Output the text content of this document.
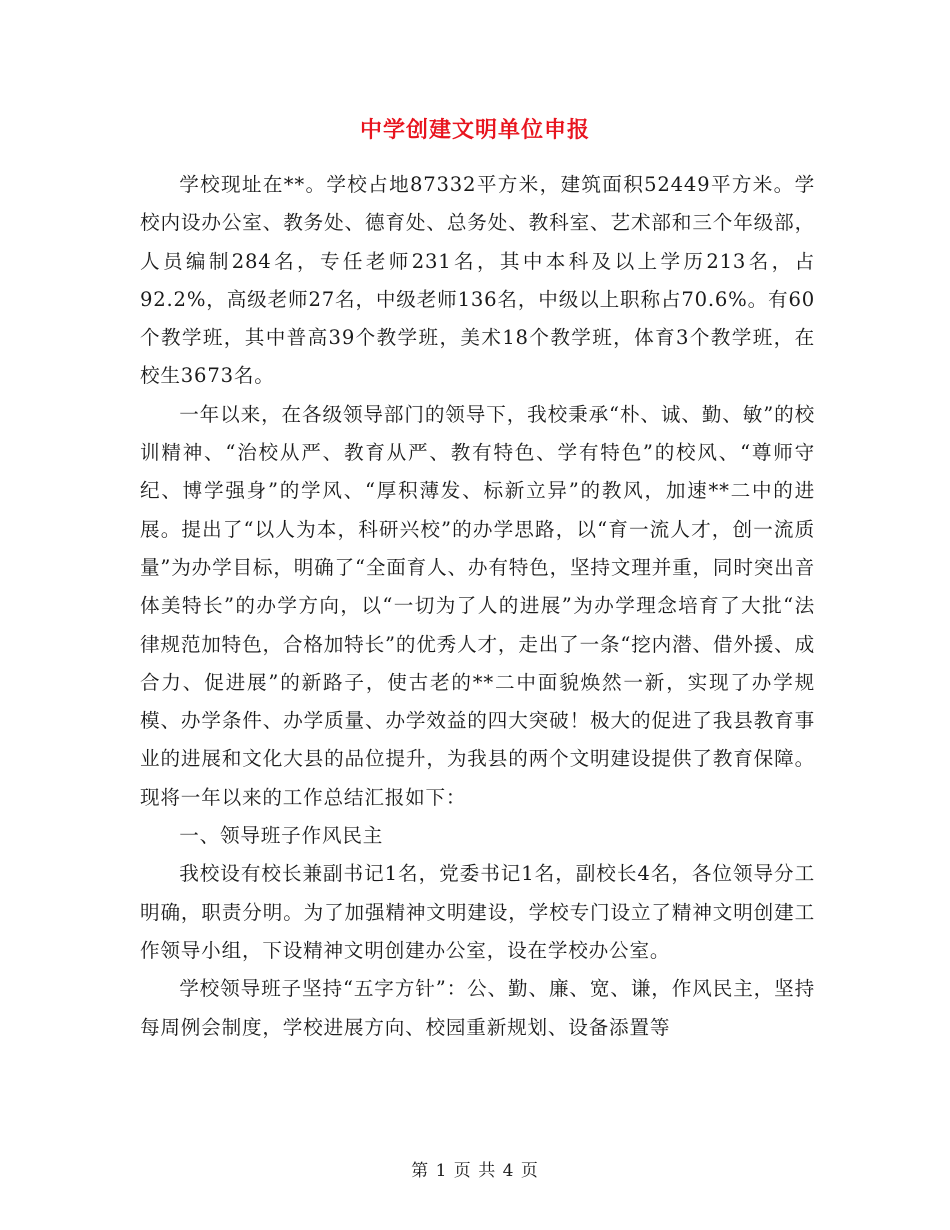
中学创建文明单位申报

学校现址在**。学校占地87332平方米，建筑面积52449平方米。学校内设办公室、教务处、德育处、总务处、教科室、艺术部和三个年级部，人员编制284名，专任老师231名，其中本科及以上学历213名，占92.2%，高级老师27名，中级老师136名，中级以上职称占70.6%。有60个教学班，其中普高39个教学班，美术18个教学班，体育3个教学班，在校生3673名。

一年以来，在各级领导部门的领导下，我校秉承“朴、诚、勤、敏”的校训精神、“治校从严、教育从严、教有特色、学有特色”的校风、“尊师守纪、博学强身”的学风、“厚积薄发、标新立异”的教风，加速**二中的进展。提出了“以人为本，科研兴校”的办学思路，以“育一流人才，创一流质量”为办学目标，明确了“全面育人、办有特色，坚持文理并重，同时突出音体美特长”的办学方向，以“一切为了人的进展”为办学理念培育了大批“法律规范加特色，合格加特长”的优秀人才，走出了一条“挖内潜、借外援、成合力、促进展”的新路子，使古老的**二中面貌焕然一新，实现了办学规模、办学条件、办学质量、办学效益的四大突破！极大的促进了我县教育事业的进展和文化大县的品位提升，为我县的两个文明建设提供了教育保障。现将一年以来的工作总结汇报如下：

一、领导班子作风民主

我校设有校长兼副书记1名，党委书记1名，副校长4名，各位领导分工明确，职责分明。为了加强精神文明建设，学校专门设立了精神文明创建工作领导小组，下设精神文明创建办公室，设在学校办公室。

学校领导班子坚持“五字方针”：公、勤、廉、宽、谦，作风民主，坚持每周例会制度，学校进展方向、校园重新规划、设备添置等

第 1 页 共 4 页
